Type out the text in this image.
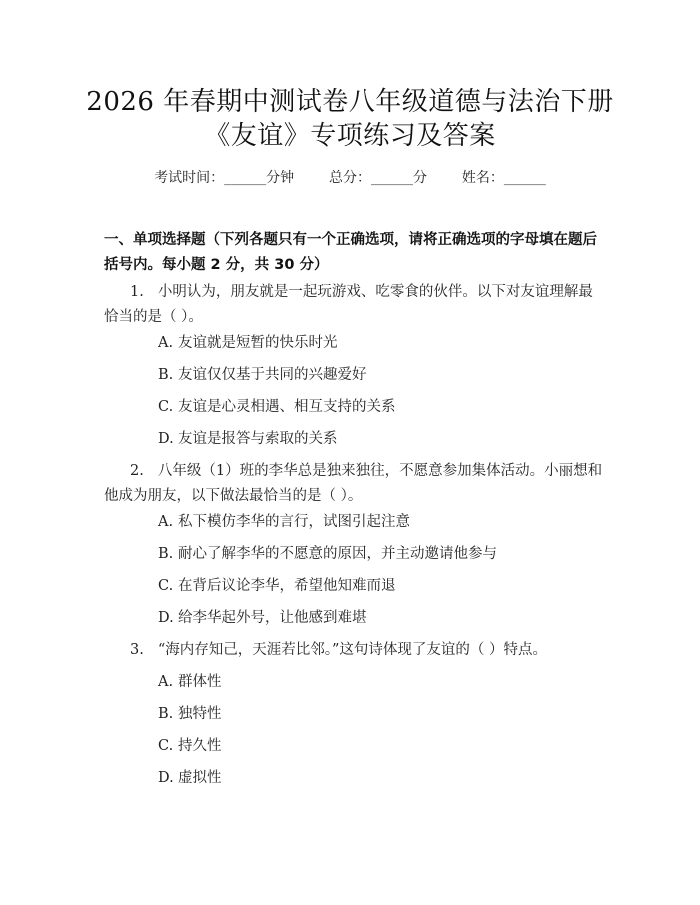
2026 年春期中测试卷八年级道德与法治下册
《友谊》专项练习及答案
考试时间：______分钟 总分：______分 姓名：______
一、单项选择题（下列各题只有一个正确选项，请将正确选项的字母填在题后括号内。每小题 2 分，共 30 分）
1. 小明认为，朋友就是一起玩游戏、吃零食的伙伴。以下对友谊理解最恰当的是（ ）。
A. 友谊就是短暂的快乐时光
B. 友谊仅仅基于共同的兴趣爱好
C. 友谊是心灵相遇、相互支持的关系
D. 友谊是报答与索取的关系
2. 八年级（1）班的李华总是独来独往，不愿意参加集体活动。小丽想和他成为朋友，以下做法最恰当的是（ ）。
A. 私下模仿李华的言行，试图引起注意
B. 耐心了解李华的不愿意的原因，并主动邀请他参与
C. 在背后议论李华，希望他知难而退
D. 给李华起外号，让他感到难堪
3. “海内存知己，天涯若比邻。”这句诗体现了友谊的（ ）特点。
A. 群体性
B. 独特性
C. 持久性
D. 虚拟性
